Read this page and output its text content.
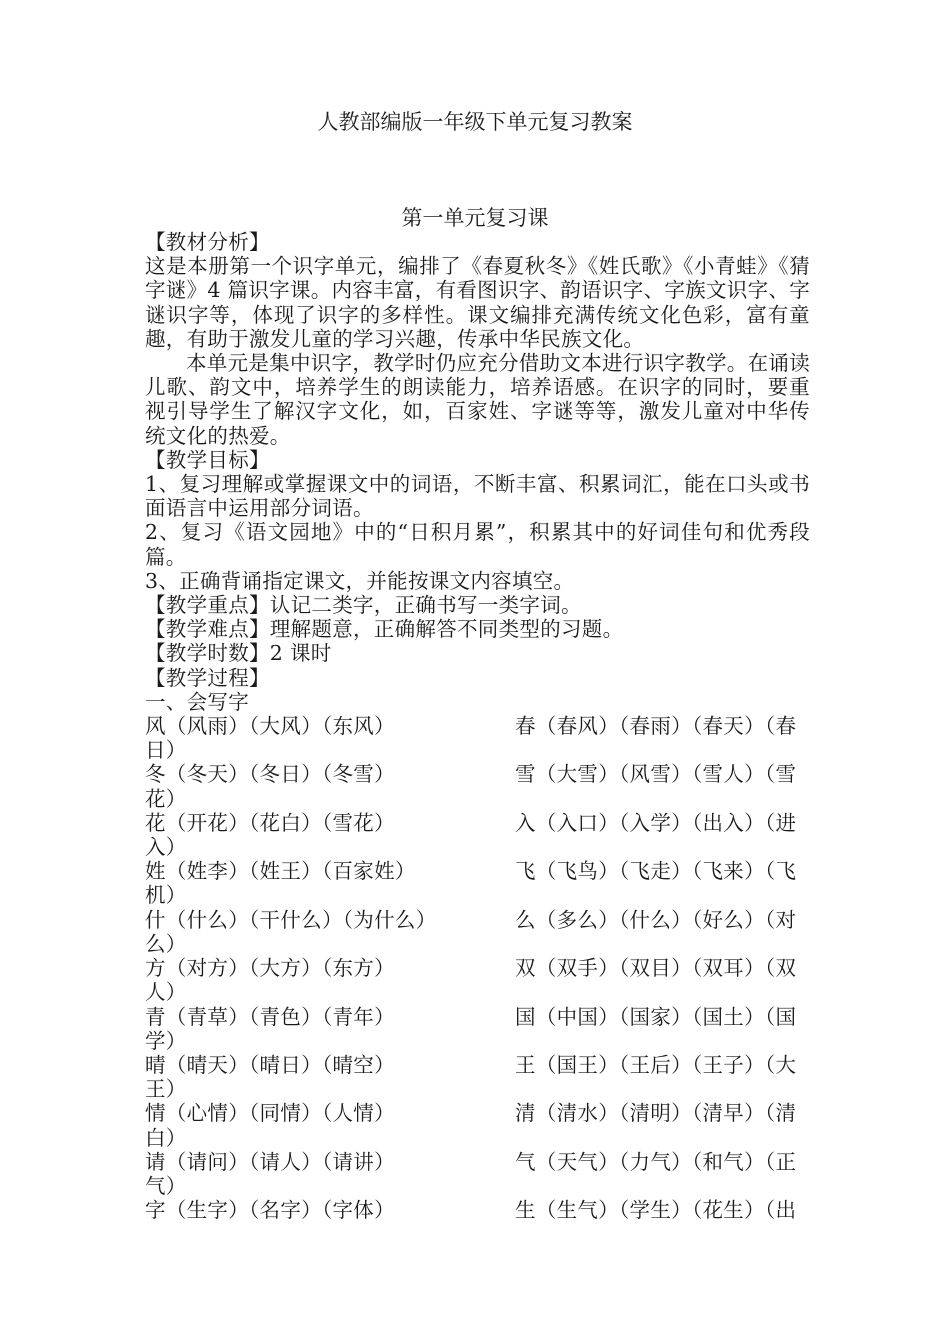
人教部编版一年级下单元复习教案
第一单元复习课

【教材分析】

这是本册第一个识字单元，编排了《春夏秋冬》《姓氏歌》《小青蛙》《猜字谜》4 篇识字课。内容丰富，有看图识字、韵语识字、字族文识字、字谜识字等，体现了识字的多样性。课文编排充满传统文化色彩，富有童趣，有助于激发儿童的学习兴趣，传承中华民族文化。

本单元是集中识字，教学时仍应充分借助文本进行识字教学。在诵读儿歌、韵文中，培养学生的朗读能力，培养语感。在识字的同时，要重视引导学生了解汉字文化，如，百家姓、字谜等等，激发儿童对中华传统文化的热爱。

【教学目标】

1、复习理解或掌握课文中的词语，不断丰富、积累词汇，能在口头或书面语言中运用部分词语。

2、复习《语文园地》中的“日积月累”，积累其中的好词佳句和优秀段篇。

3、正确背诵指定课文，并能按课文内容填空。

【教学重点】认记二类字，正确书写一类字词。

【教学难点】理解题意，正确解答不同类型的习题。

【教学时数】2 课时

【教学过程】

一、会写字

风（风雨）（大风）（东风）	春（春风）（春雨）（春天）（春

日）

冬（冬天）（冬日）（冬雪）	雪（大雪）（风雪）（雪人）（雪

花）

花（开花）（花白）（雪花）	入（入口）（入学）（出入）（进

入）

姓（姓李）（姓王）（百家姓）	飞（飞鸟）（飞走）（飞来）（飞

机）

什（什么）（干什么）（为什么）	么（多么）（什么）（好么）（对

么）

方（对方）（大方）（东方）	双（双手）（双目）（双耳）（双

人）

青（青草）（青色）（青年）	国（中国）（国家）（国土）（国

学）

晴（晴天）（晴日）（晴空）	王（国王）（王后）（王子）（大

王）

情（心情）（同情）（人情）	清（清水）（清明）（清早）（清

白）

请（请问）（请人）（请讲）	气（天气）（力气）（和气）（正

气）

字（生字）（名字）（字体）	生（生气）（学生）（花生）（出
